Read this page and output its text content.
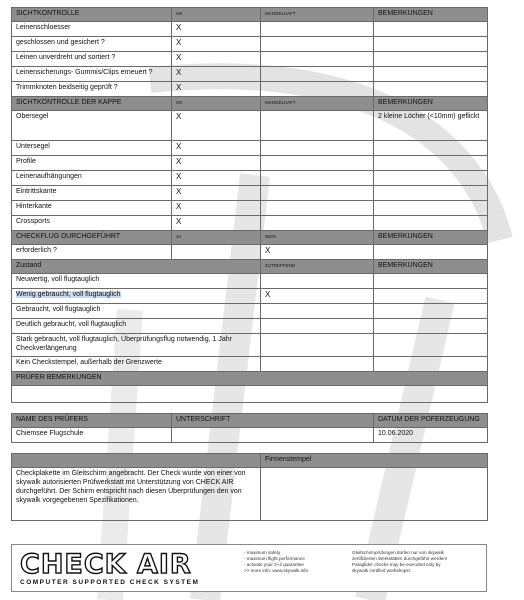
SICHTKONTROLLE	OK	MANGELHAFT	BEMERKUNGEN
Leinenschloesser	X		
geschlossen und gesichert ?	X		
Leinen unverdreht und sortiert ?	X		
Leinensicherungs- Gummis/Clips erneuert ?	X		
Trimmknoten beidseitig geprüft ?	X		
SICHTKONTROLLE DER KAPPE	OK	MANGELHAFT	BEMERKUNGEN
Obersegel	X		2 kleine Löcher (<10mm) geflickt
Untersegel	X		
Profile	X		
Leinenaufhängungen	X		
Eintrittskante	X		
Hinterkante	X		
Crossports	X		
CHECKFLUG DURCHGEFÜHRT	JA	NEIN	BEMERKUNGEN
erforderlich ?		X	
Zustand		ZUTREFFEND	BEMERKUNGEN
Neuwertig, voll flugtauglich			
Wenig gebraucht, voll flugtauglich		X	
Gebraucht, voll flugtauglich			
Deutlich gebraucht, voll flugtauglich			
Stark gebraucht, voll flugtauglich, Überprüfungsflug notwendig, 1 Jahr Checkverlängerung			
Kein Checkstempel, außerhalb der Grenzwerte			
PRÜFER BEMERKUNGEN			

NAME DES PRÜFERS	UNTERSCHRIFT		DATUM DER PDFERZEUGUNG
Chiemsee Flugschule			10.06.2020

		Firmenstempel	
Checkplakette im Gleitschirm angebracht. Der Check wurde von einer von skywalk autorisierten Prüfwerkstatt mit Unterstützung von CHECK AIR durchgeführt. Der Schirm entspricht nach diesen Überprüfungen den von skywalk vorgegebenen Spezifikationen.			
CHECK AIR
COMPUTER SUPPORTED CHECK SYSTEM
- maximum safety
- maximum flight performance
- activate your 2+2 guarantee
>> more info: www.skywalk.info
Gleitschirmprüfungen dürfen nur von skywalk
zertifizierten Werkstätten durchgeführt werden!
Paraglider checks may be executed only by
skywalk certified workshops!
